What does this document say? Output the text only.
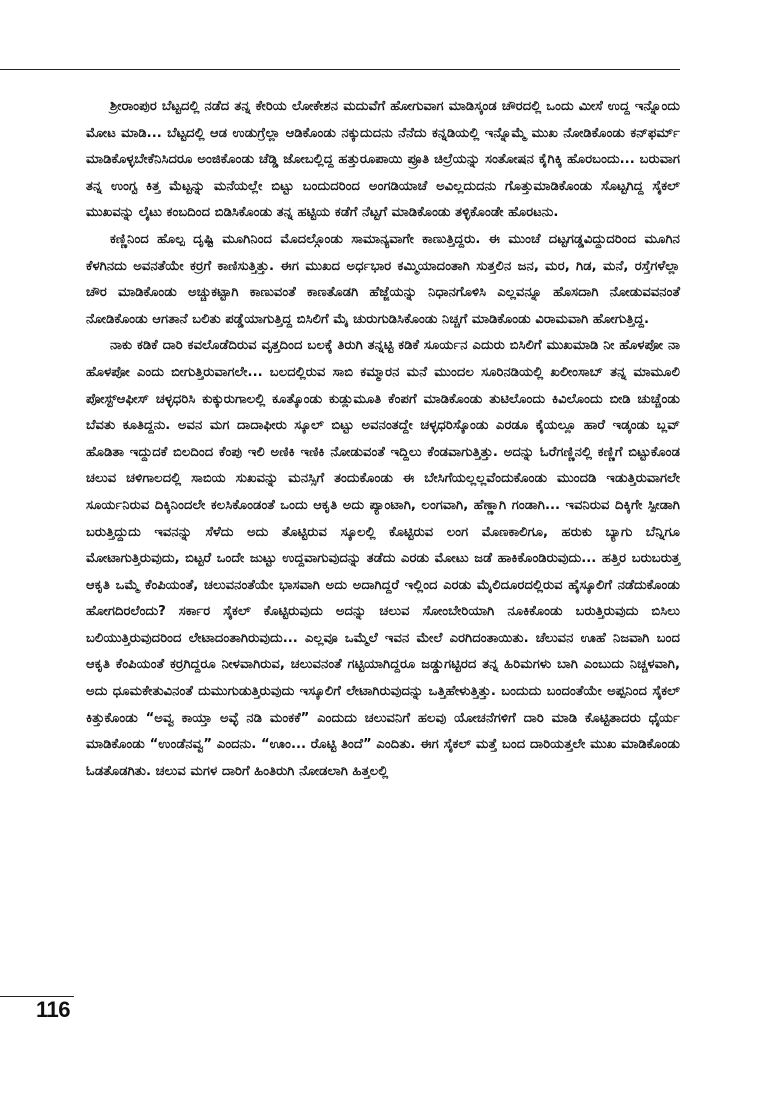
ಶ್ರೀರಾಂಪುರ ಬೆಟ್ಟದಲ್ಲಿ ನಡೆದ ತನ್ನ ಕೇರಿಯ ಲೋಕೇಶನ ಮದುವೆಗೆ ಹೋಗುವಾಗ ಮಾಡಿಸ್ಕಂಡ ಚೌರದಲ್ಲಿ ಒಂದು ಮೀಸೆ ಉದ್ದ ಇನ್ನೊಂದು ಮೋಟ ಮಾಡಿ... ಬೆಟ್ಟದಲ್ಲಿ ಆಡ ಉಡುಗ್ರೆಲ್ಲಾ ಆಡಿಕೊಂಡು ನಕ್ಕುದುದನು ನೆನೆದು ಕನ್ನಡಿಯಲ್ಲಿ ಇನ್ನೊಮ್ಮೆ ಮುಖ ನೋಡಿಕೊಂಡು ಕನ್‌ಫರ್ಮ್ ಮಾಡಿಕೊಳ್ಳಬೇಕೆನಿಸಿದರೂ ಅಂಜಿಕೊಂಡು ಚೆಡ್ಡಿ ಜೋಬಲ್ಲಿದ್ದ ಹತ್ತುರೂಪಾಯಿ ಪ್ರೂತಿ ಚಿಲ್ರೆಯನ್ನು ಸಂತೋಷನ ಕೈಗಿಕ್ಕಿ ಹೊರಬಂದು... ಬರುವಾಗ ತನ್ನ ಉಂಗ್ಟ ಕಿತ್ತ ಮೆಟ್ಟನ್ನು ಮನೆಯಲ್ಲೇ ಬಿಟ್ಟು ಬಂದುದರಿಂದ ಅಂಗಡಿಯಾಚೆ ಅವಿಲ್ಲದುದನು ಗೊತ್ತುಮಾಡಿಕೊಂಡು ಸೊಟ್ಟಗಿದ್ದ ಸೈಕಲ್ ಮುಖವನ್ನು ಲೈಟು ಕಂಬದಿಂದ ಬಿಡಿಸಿಕೊಂಡು ತನ್ನ ಹಟ್ಟಿಯ ಕಡೆಗೆ ನೆಟ್ಟಗೆ ಮಾಡಿಕೊಂಡು ತಳ್ಳಿಕೊಂಡೇ ಹೊರಟನು.

ಕಣ್ಣಿನಿಂದ ಹೊಲ್ಪ ದೃಷ್ಟಿ ಮೂಗಿನಿಂದ ಮೊದಲ್ಗೊಂಡು ಸಾಮಾನ್ಯವಾಗೇ ಕಾಣುತ್ತಿದ್ದರು. ಈ ಮುಂಚೆ ದಟ್ಟಗಡ್ಡವಿದ್ದುದರಿಂದ ಮೂಗಿನ ಕೆಳಗಿನದು ಅವನತೆಯೇ ಕರ್‍ರಗೆ ಕಾಣಿಸುತ್ತಿತ್ತು. ಈಗ ಮುಖದ ಅರ್ಧಭಾರ ಕಮ್ಮಿಯಾದಂತಾಗಿ ಸುತ್ತಲಿನ ಜನ, ಮರ, ಗಿಡ, ಮನೆ, ರಸ್ತೆಗಳೆಲ್ಲಾ ಚೌರ ಮಾಡಿಕೊಂಡು ಅಚ್ಚುಕಟ್ಟಾಗಿ ಕಾಣುವಂತೆ ಕಾಣತೊಡಗಿ ಹೆಜ್ಜೆಯನ್ನು ನಿಧಾನಗೊಳಿಸಿ ಎಲ್ಲವನ್ನೂ ಹೊಸದಾಗಿ ನೋಡುವವನಂತೆ ನೋಡಿಕೊಂಡು ಆಗತಾನೆ ಬಲಿತು ಪಡ್ಡೆಯಾಗುತ್ತಿದ್ದ ಬಿಸಿಲಿಗೆ ಮೈ ಚುರುಗುಡಿಸಿಕೊಂಡು ನಿಚ್ಚಗೆ ಮಾಡಿಕೊಂಡು ವಿರಾಮವಾಗಿ ಹೋಗುತ್ತಿದ್ದ.

ನಾಕು ಕಡಿಕೆ ದಾರಿ ಕವಲೊಡೆದಿರುವ ವೃತ್ತದಿಂದ ಬಲಕ್ಕೆ ತಿರುಗಿ ತನ್ನಟ್ಟಿ ಕಡಿಕೆ ಸೂರ್ಯನ ಎದುರು ಬಿಸಿಲಿಗೆ ಮುಖಮಾಡಿ ನೀ ಹೊಳಪೋ ನಾ ಹೊಳಪೋ ಎಂದು ಬೀಗುತ್ತಿರುವಾಗಲೇ... ಬಲದಲ್ಲಿರುವ ಸಾಬಿ ಕಮ್ಮಾರನ ಮನೆ ಮುಂದಲ ಸೂರಿನಡಿಯಲ್ಲಿ ಖಲೀಂಸಾಬ್ ತನ್ನ ಮಾಮೂಲಿ ಪೋಸ್ಟ್‌ಆಫೀಸ್ ಚಳ್ಳಧರಿಸಿ ಕುಕ್ಕುರುಗಾಲಲ್ಲಿ ಕೂತ್ಕೊಂಡು ಕುಡ್ಲುಮೂತಿ ಕೆಂಪಗೆ ಮಾಡಿಕೊಂಡು ತುಟಿಲೊಂದು ಕಿವಿಲೊಂದು ಬೀಡಿ ಚುಚ್ಚೆಂಡು ಬೆವತು ಕೂತಿದ್ದನು. ಅವನ ಮಗ ದಾದಾಫೀರು ಸ್ಕೂಲ್ ಬಿಟ್ಟು ಅವನಂತದ್ದೇ ಚಳ್ಳಧರಿಸ್ಕೊಂಡು ಎರಡೂ ಕೈಯಲ್ಲೂ ಹಾರೆ ಇಡ್ಕಂಡು ಬ್ಲವ್ ಹೊಡಿತಾ ಇದ್ದುದಕೆ ಬಿಲದಿಂದ ಕೆಂಪು ಇಲಿ ಅಣಿಕಿ ಇಣಿಕಿ ನೋಡುವಂತೆ ಇದ್ದಿಲು ಕೆಂಡವಾಗುತ್ತಿತ್ತು. ಅದನ್ನು ಓರೆಗಣ್ಣಿನಲ್ಲಿ ಕಣ್ಣಿಗೆ ಬಿಟ್ಟುಕೊಂಡ ಚಲುವ ಚಳಿಗಾಲದಲ್ಲಿ ಸಾಬಿಯ ಸುಖವನ್ನು ಮನಸ್ಸಿಗೆ ತಂದುಕೊಂಡು ಈ ಬೇಸಿಗೆಯಲ್ಲಲ್ಲವೆಂದುಕೊಂಡು ಮುಂದಡಿ ಇಡುತ್ತಿರುವಾಗಲೇ ಸೂರ್ಯನಿರುವ ದಿಕ್ಕಿನಿಂದಲೇ ಕಲಸಿಕೊಂಡಂತೆ ಒಂದು ಆಕೃತಿ ಅದು ಪ್ಯಾಂಟಾಗಿ, ಲಂಗವಾಗಿ, ಹೆಣ್ಣಾಗಿ ಗಂಡಾಗಿ... ಇವನಿರುವ ದಿಕ್ಕಿಗೇ ಸ್ಪೀಡಾಗಿ ಬರುತ್ತಿದ್ದುದು ಇವನನ್ನು ಸೆಳೆದು ಅದು ತೊಟ್ಟಿರುವ ಸ್ಕೂಲಲ್ಲಿ ಕೊಟ್ಟಿರುವ ಲಂಗ ಮೊಣಕಾಲಿಗೂ, ಹರುಕು ಬ್ಯಾಗು ಬೆನ್ನಿಗೂ ಮೋಟಾಗುತ್ತಿರುವುದು, ಬಿಟ್ಟರೆ ಒಂದೇ ಜುಟ್ಟು ಉದ್ದವಾಗುವುದನ್ನು ತಡೆದು ಎರಡು ಮೋಟು ಜಡೆ ಹಾಕಿಕೊಂಡಿರುವುದು... ಹತ್ತಿರ ಬರುಬರುತ್ತ ಆಕೃತಿ ಒಮ್ಮೆ ಕೆಂಪಿಯಂತೆ, ಚಲುವನಂತೆಯೇ ಭಾಸವಾಗಿ ಅದು ಅದಾಗಿದ್ದರೆ ಇಲ್ಲಿಂದ ಎರಡು ಮೈಲಿದೂರದಲ್ಲಿರುವ ಹೈಸ್ಕೂಲಿಗೆ ನಡೆದುಕೊಂಡು ಹೋಗದಿರಲೆಂದು? ಸರ್ಕಾರ ಸೈಕಲ್ ಕೊಟ್ಟಿರುವುದು ಅದನ್ನು ಚಲುವ ಸೋಂಬೇರಿಯಾಗಿ ನೂಕಿಕೊಂಡು ಬರುತ್ತಿರುವುದು ಬಿಸಿಲು ಬಲಿಯುತ್ತಿರುವುದರಿಂದ ಲೇಟಾದಂತಾಗಿರುವುದು... ಎಲ್ಲವೂ ಒಮ್ಮೆಲೆ ಇವನ ಮೇಲೆ ಎರಗಿದಂತಾಯಿತು. ಚೆಲುವನ ಊಹೆ ನಿಜವಾಗಿ ಬಂದ ಆಕೃತಿ ಕೆಂಪಿಯಂತೆ ಕರ್‍ರಗಿದ್ದರೂ ನೀಳವಾಗಿರುವ, ಚಲುವನಂತೆ ಗಟ್ಟಿಯಾಗಿದ್ದರೂ ಜಡ್ಡುಗಟ್ಟಿರದ ತನ್ನ ಹಿರಿಮಗಳು ಬಾಗಿ ಎಂಬುದು ನಿಚ್ಚಳವಾಗಿ, ಅದು ಧೂಮಕೇತುವಿನಂತೆ ದುಮುಗುಡುತ್ತಿರುವುದು ಇಸ್ಕೂಲಿಗೆ ಲೇಟಾಗಿರುವುದನ್ನು ಒತ್ತಿಹೇಳುತ್ತಿತ್ತು. ಬಂದುದು ಬಂದಂತೆಯೇ ಅಪ್ಪನಿಂದ ಸೈಕಲ್ ಕಿತ್ತುಕೊಂಡು “ಅವ್ವ ಕಾಯ್ತಾ ಅವ್ಳೆ ನಡಿ ಮಂಕಕೆ” ಎಂದುದು ಚಲುವನಿಗೆ ಹಲವು ಯೋಚನೆಗಳಿಗೆ ದಾರಿ ಮಾಡಿ ಕೊಟ್ಟಿತಾದರು ಧೈರ್ಯ ಮಾಡಿಕೊಂಡು “ಉಂಡೆನವ್ವ” ಎಂದನು. “ಊಂ... ರೊಟ್ಟಿ ತಿಂದೆ” ಎಂದಿತು. ಈಗ ಸೈಕಲ್ ಮತ್ತೆ ಬಂದ ದಾರಿಯತ್ತಲೇ ಮುಖ ಮಾಡಿಕೊಂಡು ಓಡತೊಡಗಿತು. ಚಲುವ ಮಗಳ ದಾರಿಗೆ ಹಿಂತಿರುಗಿ ನೋಡಲಾಗಿ ಹಿತ್ತಲಲ್ಲಿ

116
